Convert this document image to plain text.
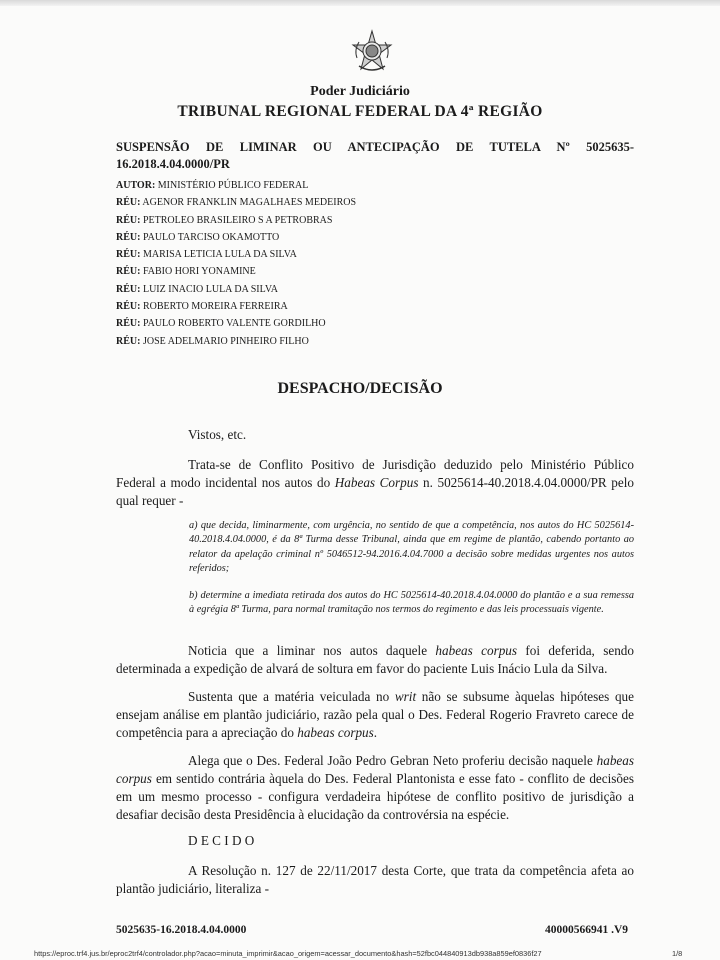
Poder Judiciário
TRIBUNAL REGIONAL FEDERAL DA 4ª REGIÃO
SUSPENSÃO DE LIMINAR OU ANTECIPAÇÃO DE TUTELA Nº 5025635- 16.2018.4.04.0000/PR
AUTOR: MINISTÉRIO PÚBLICO FEDERAL
RÉU: AGENOR FRANKLIN MAGALHAES MEDEIROS
RÉU: PETROLEO BRASILEIRO S A PETROBRAS
RÉU: PAULO TARCISO OKAMOTTO
RÉU: MARISA LETICIA LULA DA SILVA
RÉU: FABIO HORI YONAMINE
RÉU: LUIZ INACIO LULA DA SILVA
RÉU: ROBERTO MOREIRA FERREIRA
RÉU: PAULO ROBERTO VALENTE GORDILHO
RÉU: JOSE ADELMARIO PINHEIRO FILHO
DESPACHO/DECISÃO

Vistos, etc.

Trata-se de Conflito Positivo de Jurisdição deduzido pelo Ministério Público Federal a modo incidental nos autos do Habeas Corpus n. 5025614-40.2018.4.04.0000/PR pelo qual requer -

a) que decida, liminarmente, com urgência, no sentido de que a competência, nos autos do HC 5025614-40.2018.4.04.0000, é da 8ª Turma desse Tribunal, ainda que em regime de plantão, cabendo portanto ao relator da apelação criminal nº 5046512-94.2016.4.04.7000 a decisão sobre medidas urgentes nos autos referidos;

b) determine a imediata retirada dos autos do HC 5025614-40.2018.4.04.0000 do plantão e a sua remessa à egrégia 8ª Turma, para normal tramitação nos termos do regimento e das leis processuais vigente.

Noticia que a liminar nos autos daquele habeas corpus foi deferida, sendo determinada a expedição de alvará de soltura em favor do paciente Luis Inácio Lula da Silva.

Sustenta que a matéria veiculada no writ não se subsume àquelas hipóteses que ensejam análise em plantão judiciário, razão pela qual o Des. Federal Rogerio Fravreto carece de competência para a apreciação do habeas corpus.

Alega que o Des. Federal João Pedro Gebran Neto proferiu decisão naquele habeas corpus em sentido contrária àquela do Des. Federal Plantonista e esse fato - conflito de decisões em um mesmo processo - configura verdadeira hipótese de conflito positivo de jurisdição a desafiar decisão desta Presidência à elucidação da controvérsia na espécie.

D E C I D O

A Resolução n. 127 de 22/11/2017 desta Corte, que trata da competência afeta ao plantão judiciário, literaliza -

5025635-16.2018.4.04.0000	40000566941 .V9
https://eproc.trf4.jus.br/eproc2trf4/controlador.php?acao=minuta_imprimir&acao_origem=acessar_documento&hash=52fbc044840913db938a859ef0836f27	1/8
